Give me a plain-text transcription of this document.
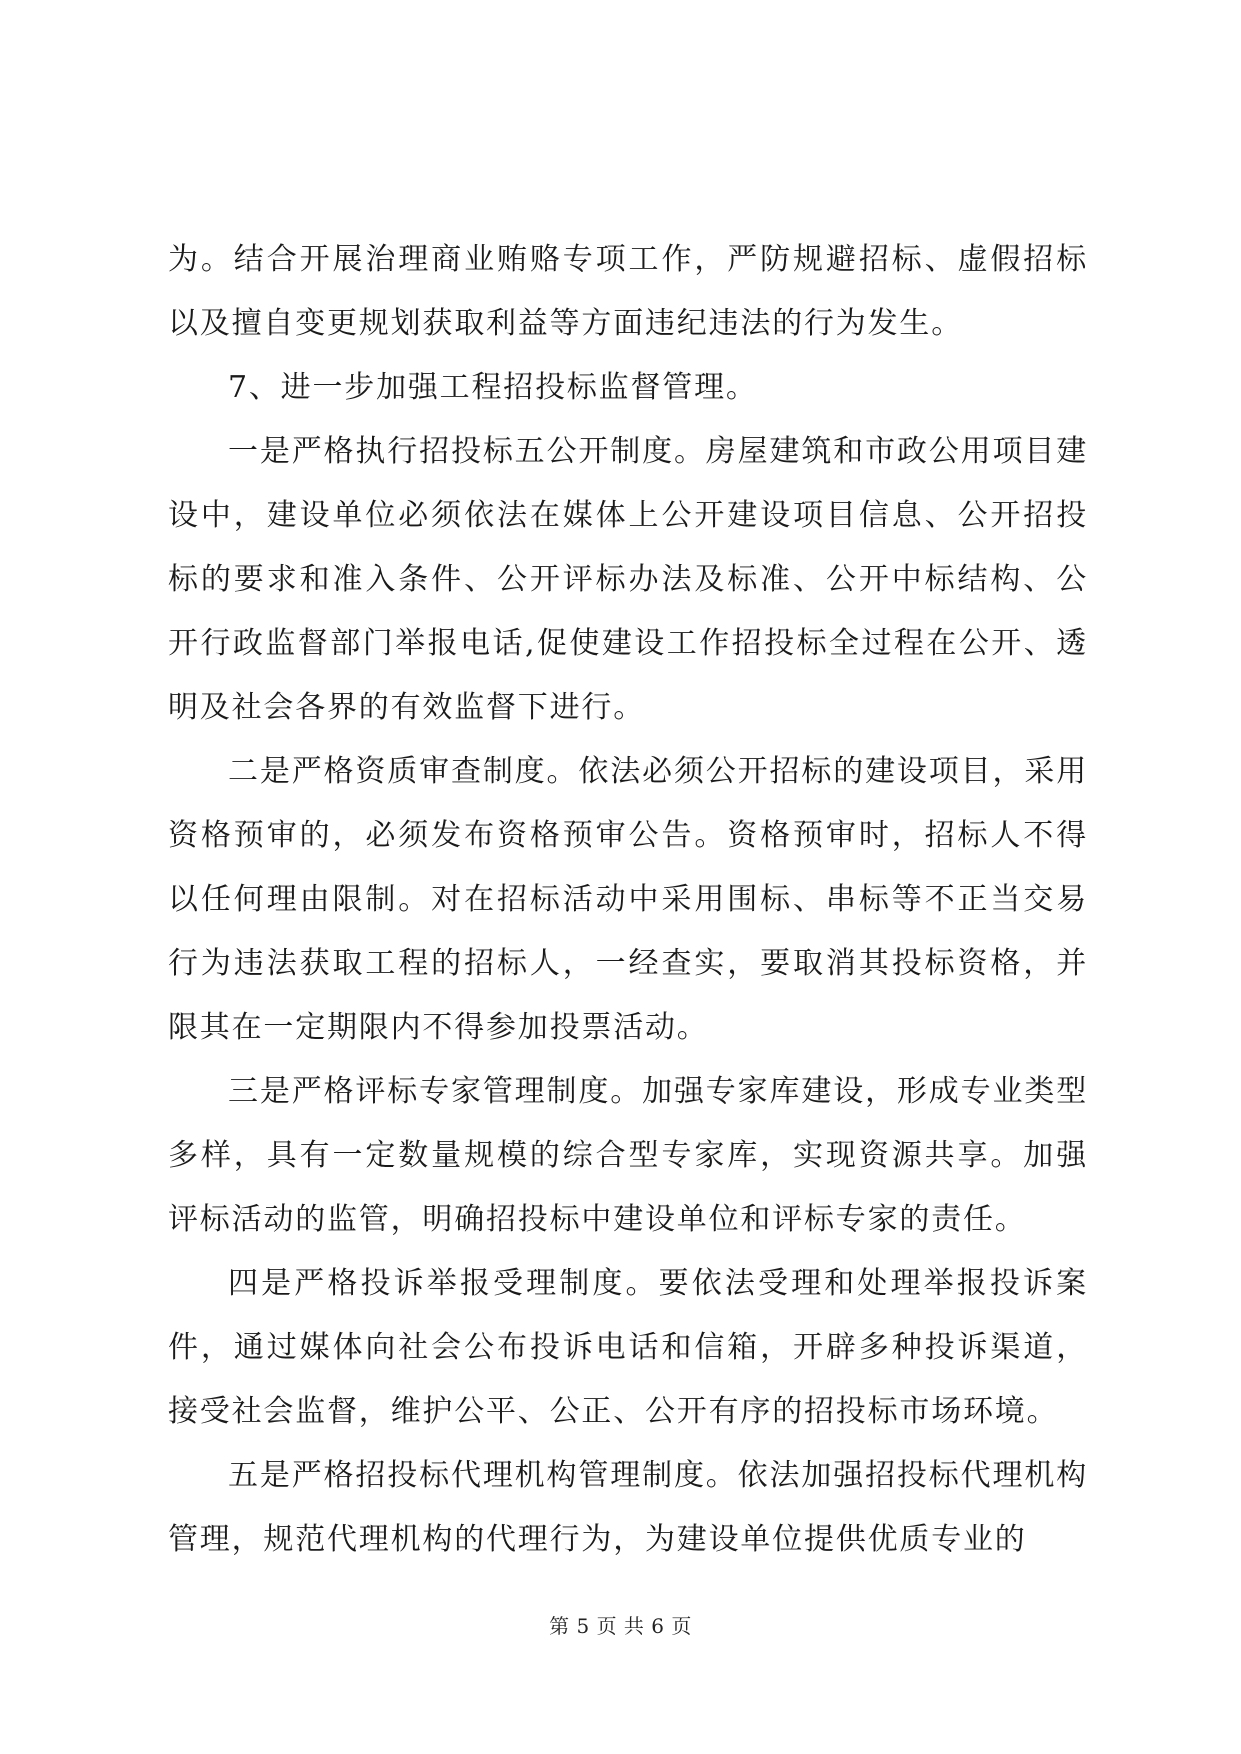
为。结合开展治理商业贿赂专项工作，严防规避招标、虚假招标以及擅自变更规划获取利益等方面违纪违法的行为发生。

7、进一步加强工程招投标监督管理。

一是严格执行招投标五公开制度。房屋建筑和市政公用项目建设中，建设单位必须依法在媒体上公开建设项目信息、公开招投标的要求和准入条件、公开评标办法及标准、公开中标结构、公开行政监督部门举报电话,促使建设工作招投标全过程在公开、透明及社会各界的有效监督下进行。

二是严格资质审查制度。依法必须公开招标的建设项目，采用资格预审的，必须发布资格预审公告。资格预审时，招标人不得以任何理由限制。对在招标活动中采用围标、串标等不正当交易行为违法获取工程的招标人，一经查实，要取消其投标资格，并限其在一定期限内不得参加投票活动。

三是严格评标专家管理制度。加强专家库建设，形成专业类型多样，具有一定数量规模的综合型专家库，实现资源共享。加强评标活动的监管，明确招投标中建设单位和评标专家的责任。

四是严格投诉举报受理制度。要依法受理和处理举报投诉案件，通过媒体向社会公布投诉电话和信箱，开辟多种投诉渠道，接受社会监督，维护公平、公正、公开有序的招投标市场环境。

五是严格招投标代理机构管理制度。依法加强招投标代理机构管理，规范代理机构的代理行为，为建设单位提供优质专业的

第 5 页 共 6 页
